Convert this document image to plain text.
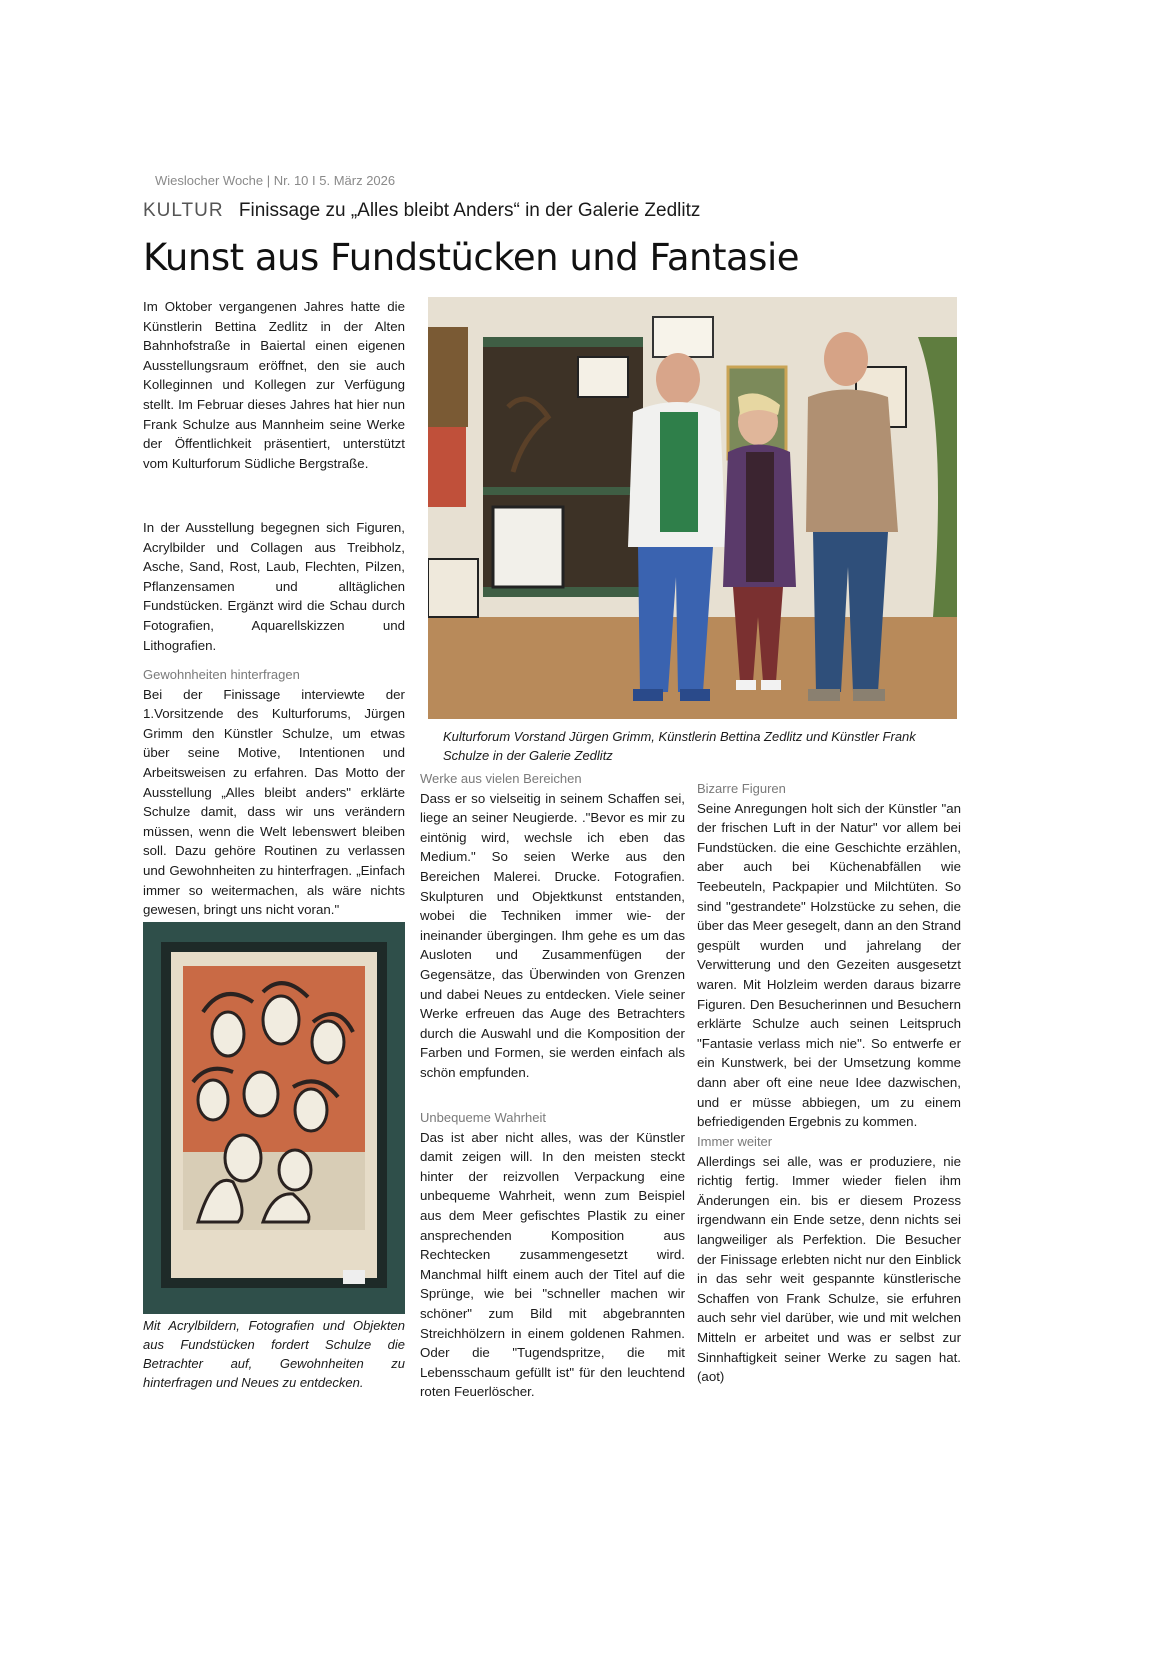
Wieslocher Woche | Nr. 10 I 5. März 2026
KULTUR Finissage zu „Alles bleibt Anders“ in der Galerie Zedlitz
Kunst aus Fundstücken und Fantasie

Im Oktober vergangenen Jahres hatte die Künstlerin Bettina Zedlitz in der Alten Bahnhofstraße in Baiertal einen eigenen Ausstellungsraum eröffnet, den sie auch Kolleginnen und Kollegen zur Verfügung stellt. Im Februar dieses Jahres hat hier nun Frank Schulze aus Mannheim seine Werke der Öffentlichkeit präsentiert, unterstützt vom Kulturforum Südliche Bergstraße.

In der Ausstellung begegnen sich Figuren, Acrylbilder und Collagen aus Treibholz, Asche, Sand, Rost, Laub, Flechten, Pilzen, Pflanzensamen und alltäglichen Fundstücken. Ergänzt wird die Schau durch Fotografien, Aquarellskizzen und Lithografien.

Gewohnheiten hinterfragen

Bei der Finissage interviewte der 1.Vorsitzende des Kulturforums, Jürgen Grimm den Künstler Schulze, um etwas über seine Motive, Intentionen und Arbeitsweisen zu erfahren. Das Motto der Ausstellung „Alles bleibt anders" erklärte Schulze damit, dass wir uns verändern müssen, wenn die Welt lebenswert bleiben soll. Dazu gehöre Routinen zu verlassen und Gewohnheiten zu hinterfragen. „Einfach immer so weitermachen, als wäre nichts gewesen, bringt uns nicht voran."

Mit Acrylbildern, Fotografien und Objekten aus Fundstücken fordert Schulze die Betrachter auf, Gewohnheiten zu hinterfragen und Neues zu entdecken.

Kulturforum Vorstand Jürgen Grimm, Künstlerin Bettina Zedlitz und Künstler Frank Schulze in der Galerie Zedlitz

Werke aus vielen Bereichen

Dass er so vielseitig in seinem Schaffen sei, liege an seiner Neugierde. ."Bevor es mir zu eintönig wird, wechsle ich eben das Medium." So seien Werke aus den Bereichen Malerei. Drucke. Fotografien. Skulpturen und Objektkunst entstanden, wobei die Techniken immer wie- der ineinander übergingen. Ihm gehe es um das Ausloten und Zusammenfügen der Gegensätze, das Überwinden von Grenzen und dabei Neues zu entdecken. Viele seiner Werke erfreuen das Auge des Betrachters durch die Auswahl und die Komposition der Farben und Formen, sie werden einfach als schön empfunden.

Unbequeme Wahrheit

Das ist aber nicht alles, was der Künstler damit zeigen will. In den meisten steckt hinter der reizvollen Verpackung eine unbequeme Wahrheit, wenn zum Beispiel aus dem Meer gefischtes Plastik zu einer ansprechenden Komposition aus Rechtecken zusammengesetzt wird. Manchmal hilft einem auch der Titel auf die Sprünge, wie bei "schneller machen wir schöner" zum Bild mit abgebrannten Streichhölzern in einem goldenen Rahmen. Oder die "Tugendspritze, die mit Lebensschaum gefüllt ist" für den leuchtend roten Feuerlöscher.

Bizarre Figuren

Seine Anregungen holt sich der Künstler "an der frischen Luft in der Natur" vor allem bei Fundstücken. die eine Geschichte erzählen, aber auch bei Küchenabfällen wie Teebeuteln, Packpapier und Milchtüten. So sind "gestrandete" Holzstücke zu sehen, die über das Meer gesegelt, dann an den Strand gespült wurden und jahrelang der Verwitterung und den Gezeiten ausgesetzt waren. Mit Holzleim werden daraus bizarre Figuren. Den Besucherinnen und Besuchern erklärte Schulze auch seinen Leitspruch "Fantasie verlass mich nie". So entwerfe er ein Kunstwerk, bei der Umsetzung komme dann aber oft eine neue Idee dazwischen, und er müsse abbiegen, um zu einem befriedigenden Ergebnis zu kommen.

Immer weiter

Allerdings sei alle, was er produziere, nie richtig fertig. Immer wieder fielen ihm Änderungen ein. bis er diesem Prozess irgendwann ein Ende setze, denn nichts sei langweiliger als Perfektion. Die Besucher der Finissage erlebten nicht nur den Einblick in das sehr weit gespannte künstlerische Schaffen von Frank Schulze, sie erfuhren auch sehr viel darüber, wie und mit welchen Mitteln er arbeitet und was er selbst zur Sinnhaftigkeit seiner Werke zu sagen hat. (aot)
